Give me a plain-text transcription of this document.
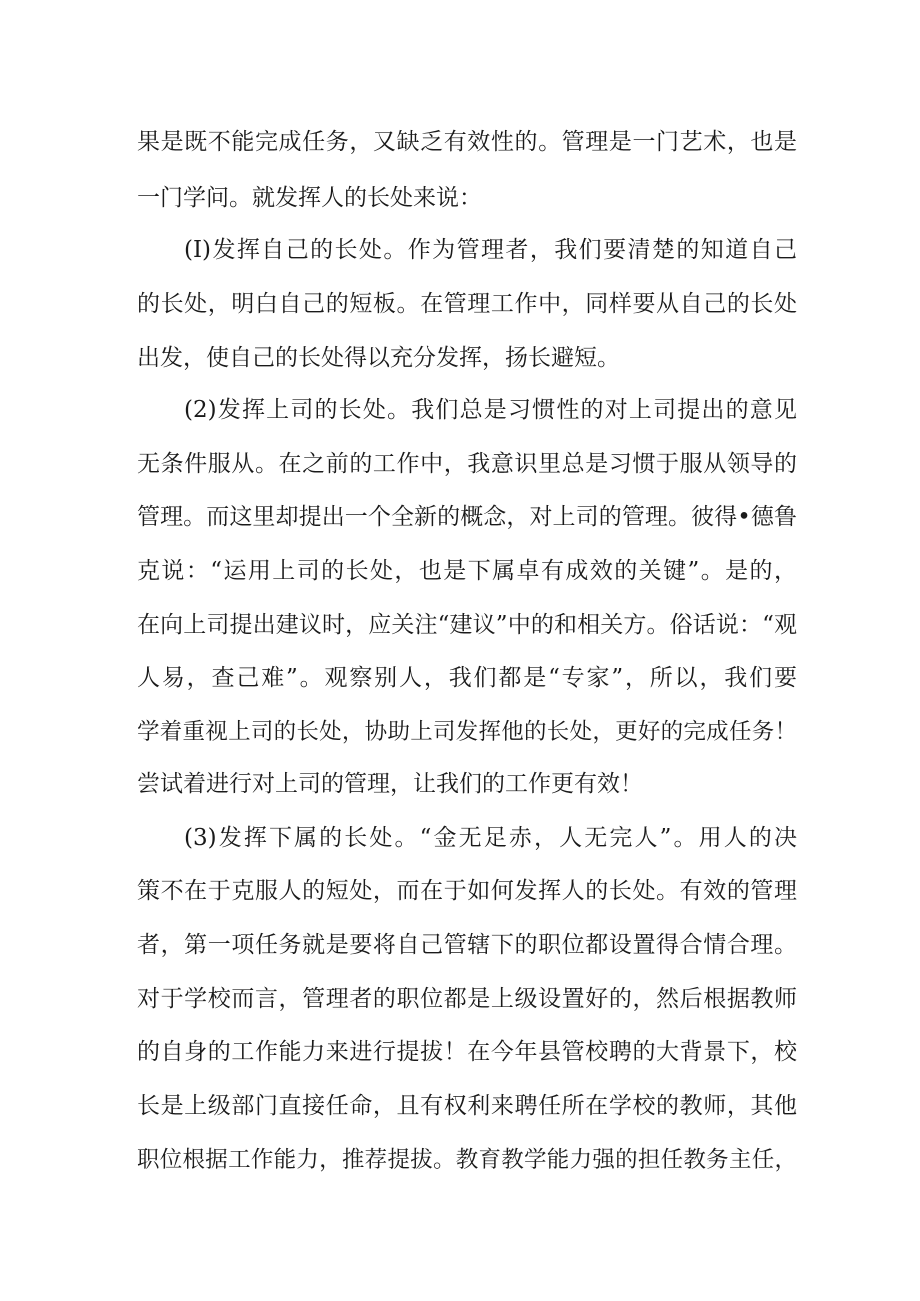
果是既不能完成任务，又缺乏有效性的。管理是一门艺术，也是
一门学问。就发挥人的长处来说：
(I)发挥自己的长处。作为管理者，我们要清楚的知道自己
的长处，明白自己的短板。在管理工作中，同样要从自己的长处
出发，使自己的长处得以充分发挥，扬长避短。
(2)发挥上司的长处。我们总是习惯性的对上司提出的意见
无条件服从。在之前的工作中，我意识里总是习惯于服从领导的
管理。而这里却提出一个全新的概念，对上司的管理。彼得•德鲁
克说：“运用上司的长处，也是下属卓有成效的关键”。是的，
在向上司提出建议时，应关注“建议”中的和相关方。俗话说：“观
人易，查己难”。观察别人，我们都是“专家”，所以，我们要
学着重视上司的长处，协助上司发挥他的长处，更好的完成任务！
尝试着进行对上司的管理，让我们的工作更有效！
(3)发挥下属的长处。“金无足赤，人无完人”。用人的决
策不在于克服人的短处，而在于如何发挥人的长处。有效的管理
者，第一项任务就是要将自己管辖下的职位都设置得合情合理。
对于学校而言，管理者的职位都是上级设置好的，然后根据教师
的自身的工作能力来进行提拔！在今年县管校聘的大背景下，校
长是上级部门直接任命，且有权利来聘任所在学校的教师，其他
职位根据工作能力，推荐提拔。教育教学能力强的担任教务主任，
